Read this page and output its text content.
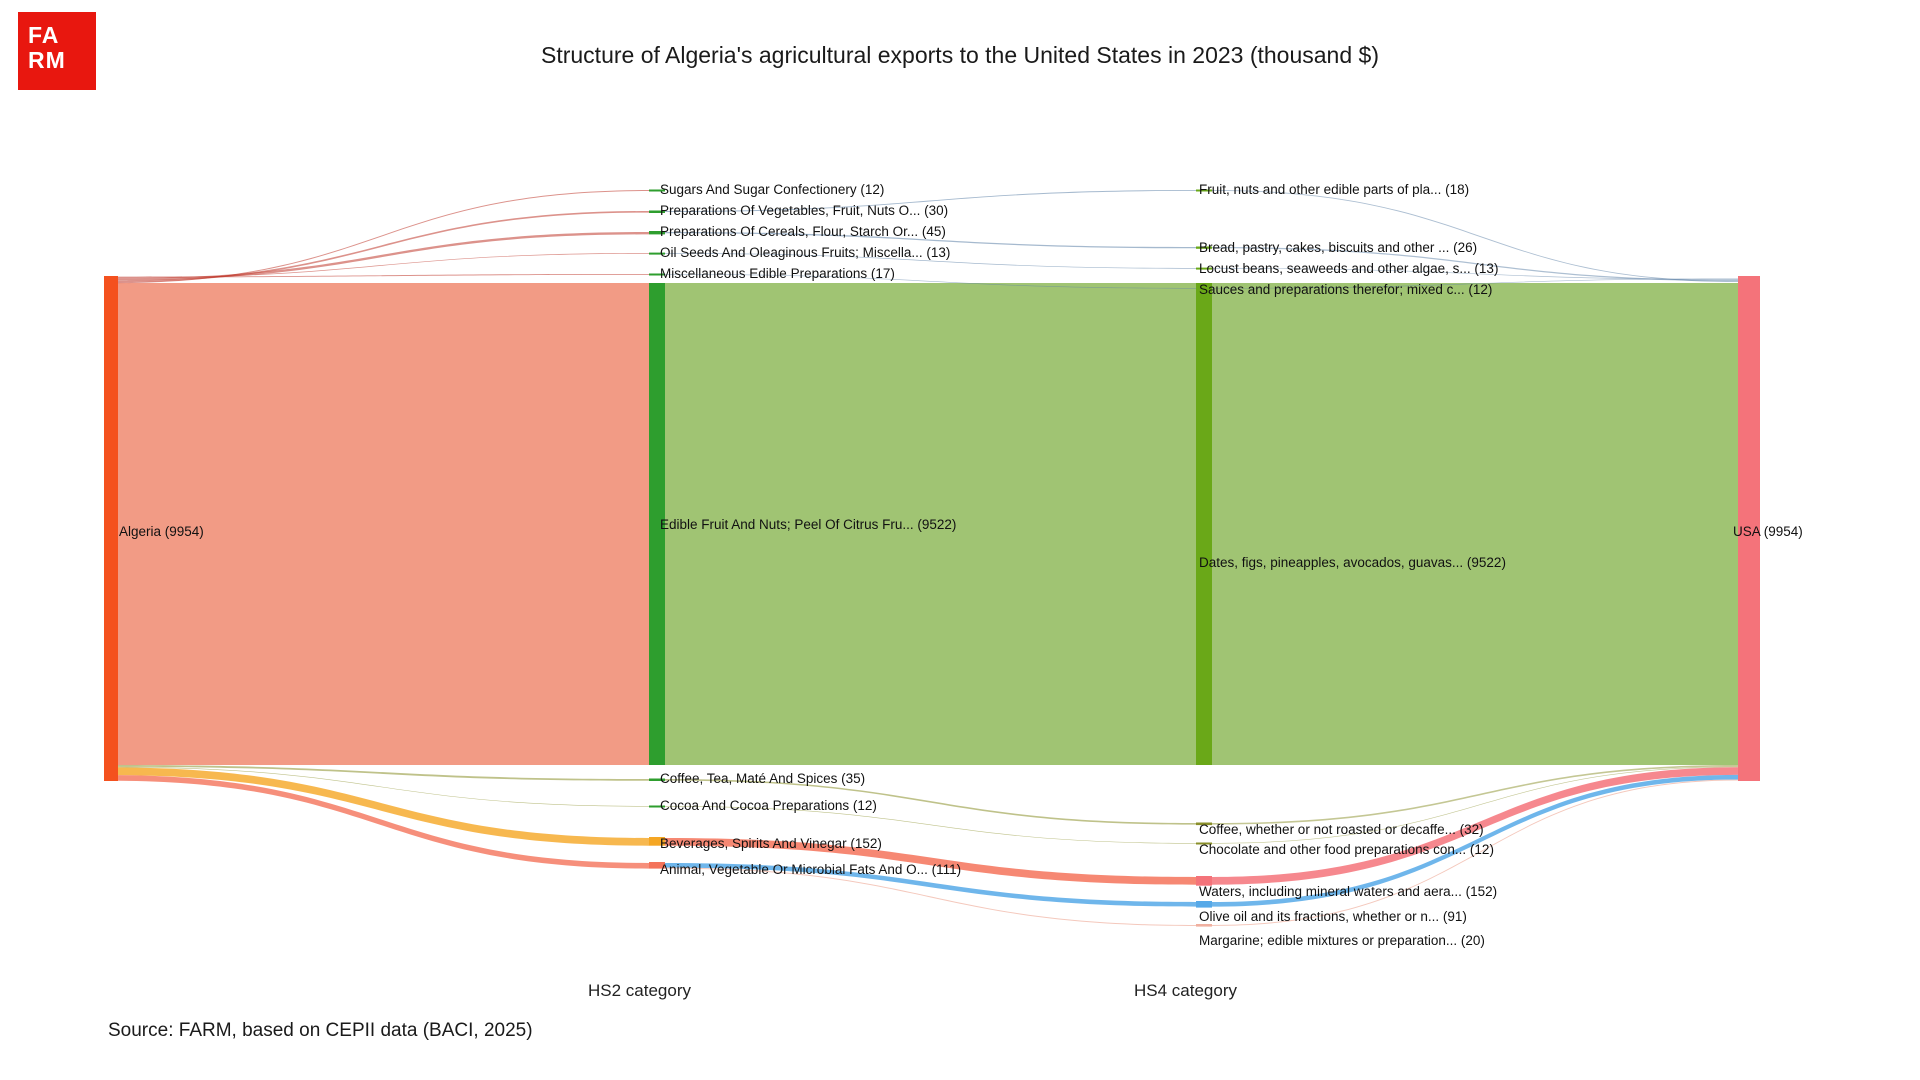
FA
RM	Structure of Algeria's agricultural exports to the United States in 2023 (thousand $)
Algeria (9954)	USA (9954)
Sugars And Sugar Confectionery (12)
Preparations Of Vegetables, Fruit, Nuts O... (30)
Preparations Of Cereals, Flour, Starch Or... (45)
Oil Seeds And Oleaginous Fruits; Miscella... (13)
Miscellaneous Edible Preparations (17)
Edible Fruit And Nuts; Peel Of Citrus Fru... (9522)
Coffee, Tea, Maté And Spices (35)
Cocoa And Cocoa Preparations (12)
Beverages, Spirits And Vinegar (152)
Animal, Vegetable Or Microbial Fats And O... (111)
Fruit, nuts and other edible parts of pla... (18)
Bread, pastry, cakes, biscuits and other ... (26)
Locust beans, seaweeds and other algae, s... (13)
Sauces and preparations therefor; mixed c... (12)
Dates, figs, pineapples, avocados, guavas... (9522)
Coffee, whether or not roasted or decaffe... (32)
Chocolate and other food preparations con... (12)
Waters, including mineral waters and aera... (152)
Olive oil and its fractions, whether or n... (91)
Margarine; edible mixtures or preparation... (20)
HS2 category	HS4 category
Source: FARM, based on CEPII data (BACI, 2025)
